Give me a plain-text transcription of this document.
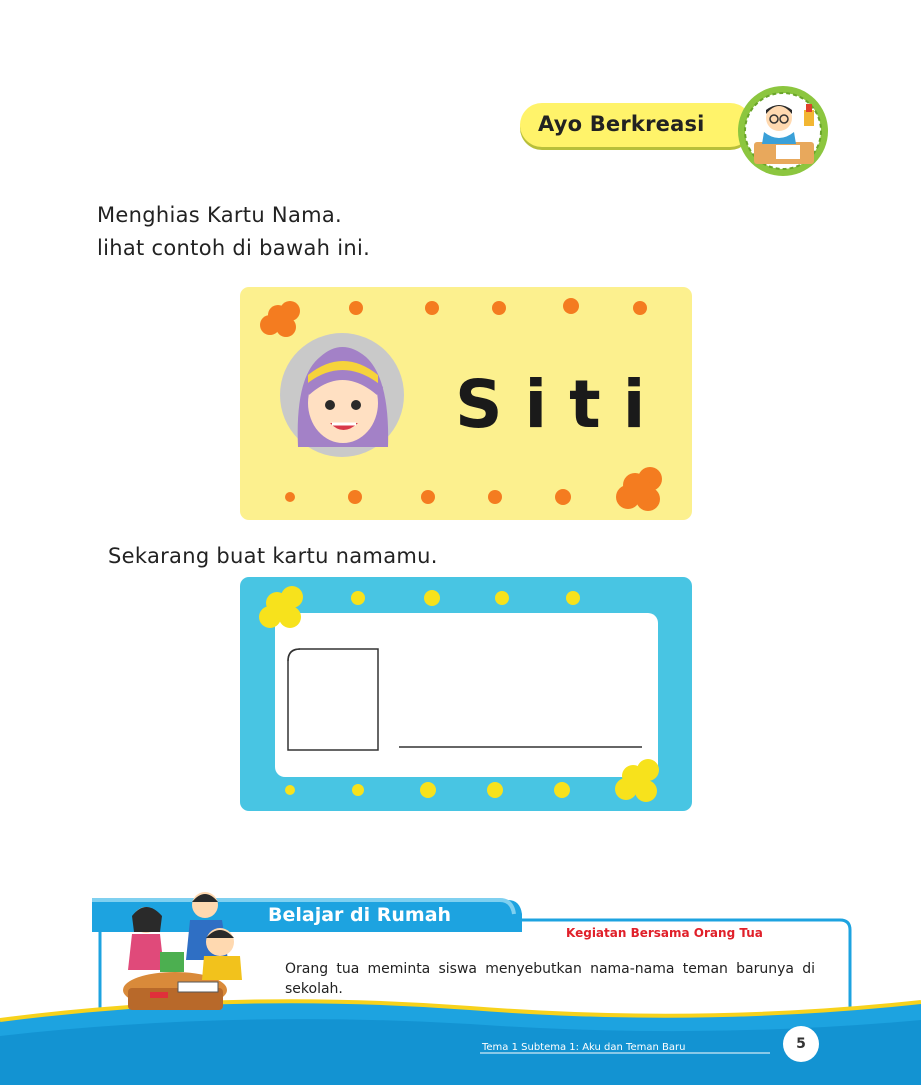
Ayo Berkreasi
Menghias Kartu Nama.
lihat contoh di bawah ini.
Sekarang buat kartu namamu.
Siti
Belajar di Rumah
Kegiatan Bersama Orang Tua
Orang tua meminta siswa menyebutkan nama-nama teman barunya di sekolah.
Tema 1 Subtema 1: Aku dan Teman Baru	5
